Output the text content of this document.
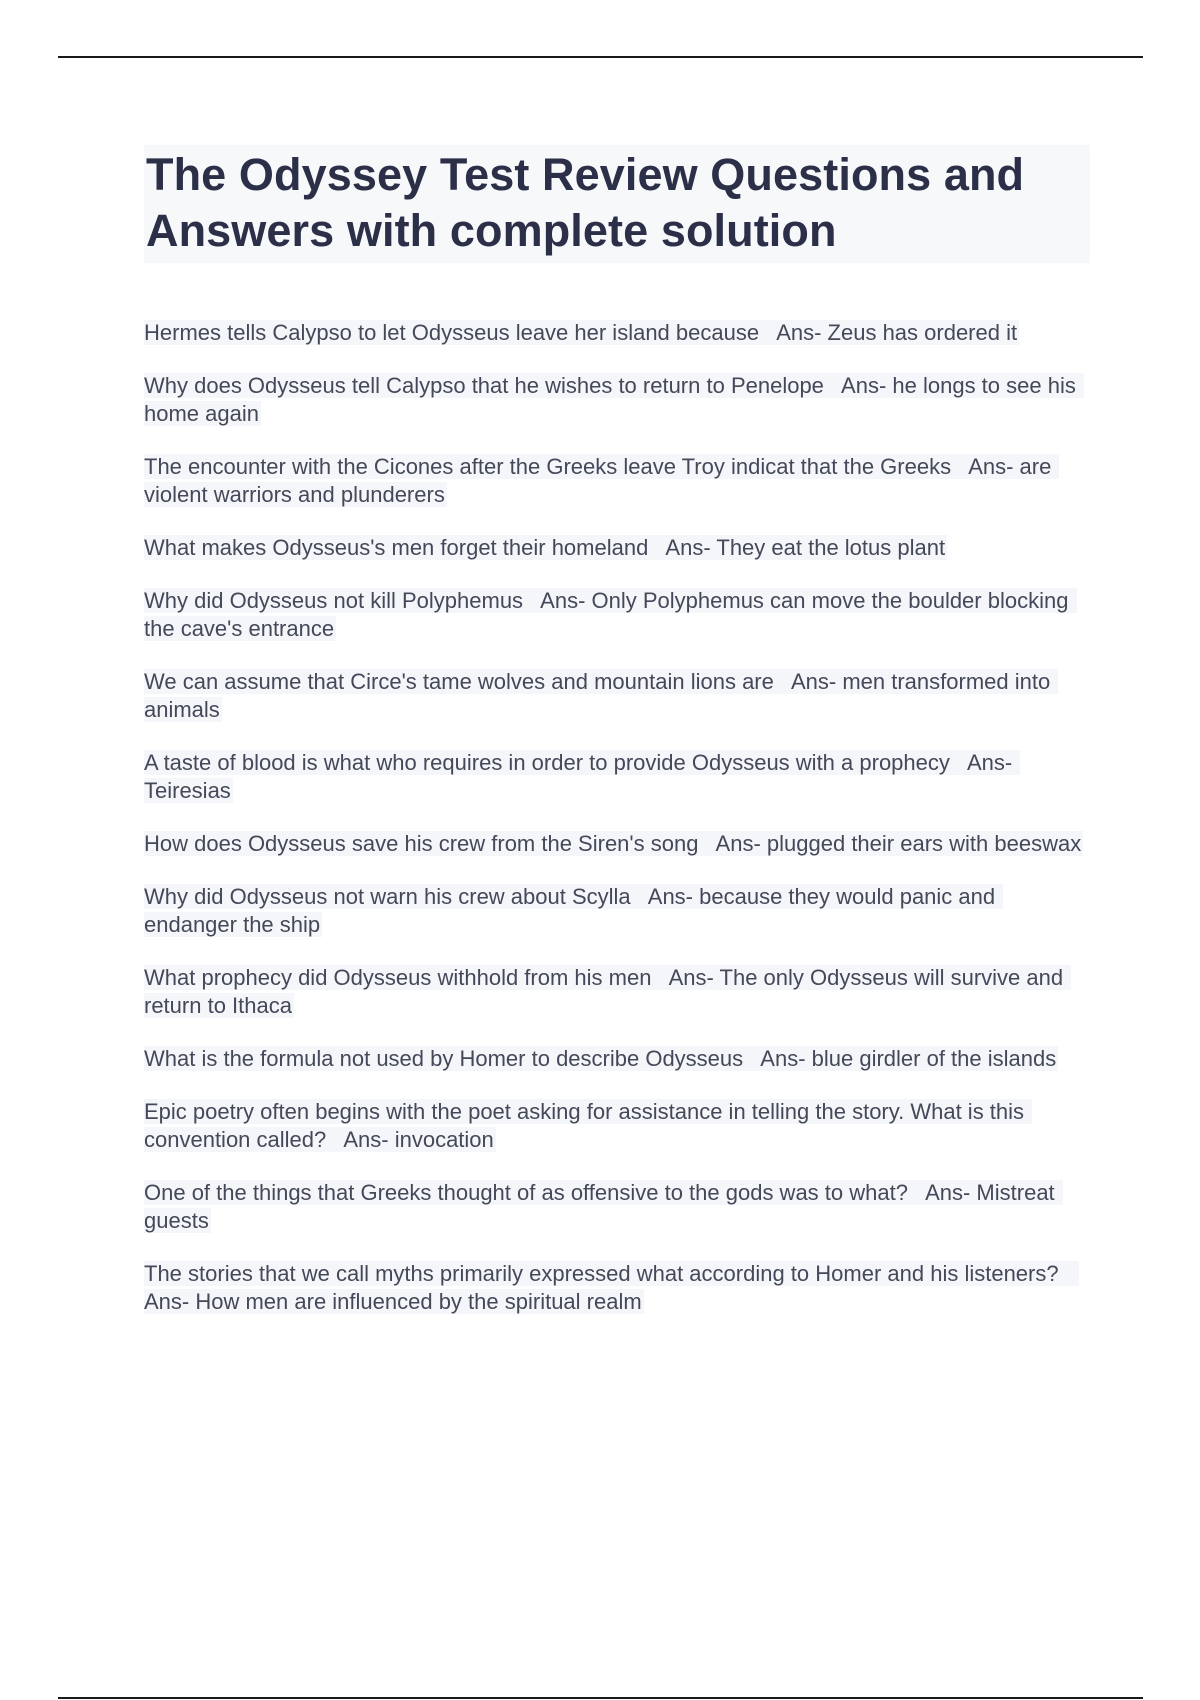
The Odyssey Test Review Questions and Answers with complete solution

Hermes tells Calypso to let Odysseus leave her island because   Ans- Zeus has ordered it

Why does Odysseus tell Calypso that he wishes to return to Penelope   Ans- he longs to see his home again

The encounter with the Cicones after the Greeks leave Troy indicat that the Greeks   Ans- are violent warriors and plunderers

What makes Odysseus's men forget their homeland   Ans- They eat the lotus plant

Why did Odysseus not kill Polyphemus   Ans- Only Polyphemus can move the boulder blocking the cave's entrance

We can assume that Circe's tame wolves and mountain lions are   Ans- men transformed into animals

A taste of blood is what who requires in order to provide Odysseus with a prophecy   Ans- Teiresias

How does Odysseus save his crew from the Siren's song   Ans- plugged their ears with beeswax

Why did Odysseus not warn his crew about Scylla   Ans- because they would panic and endanger the ship

What prophecy did Odysseus withhold from his men   Ans- The only Odysseus will survive and return to Ithaca

What is the formula not used by Homer to describe Odysseus   Ans- blue girdler of the islands

Epic poetry often begins with the poet asking for assistance in telling the story. What is this convention called?   Ans- invocation

One of the things that Greeks thought of as offensive to the gods was to what?   Ans- Mistreat guests

The stories that we call myths primarily expressed what according to Homer and his listeners?   Ans- How men are influenced by the spiritual realm
